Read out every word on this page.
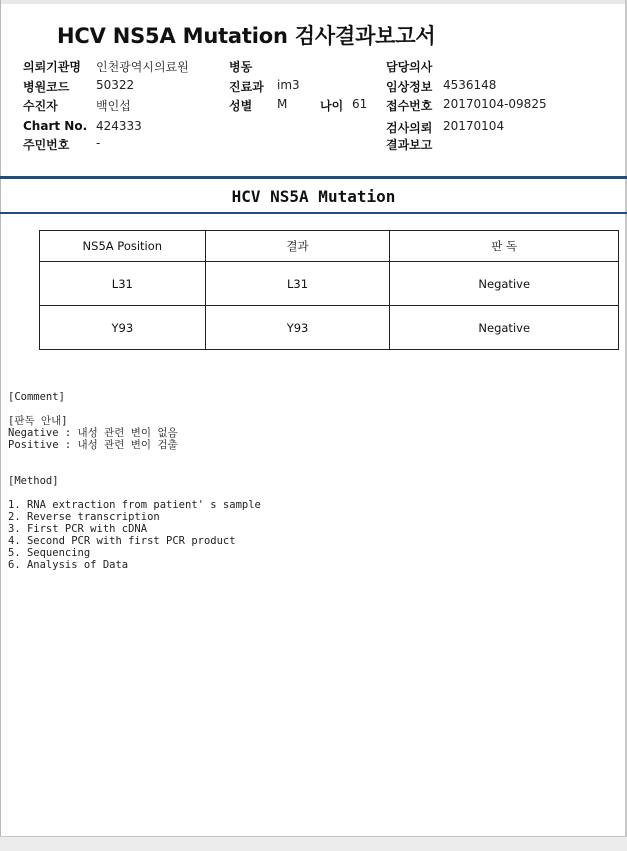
HCV NS5A Mutation 검사결과보고서
의뢰기관명 인천광역시의료원	병동	담당의사
병원코드 50322	진료과 im3	임상정보 4536148
수진자	백인섭	성별 M	나이 61 접수번호 20170104-09825
Chart No. 424333	검사의뢰 20170104
주민번호 -	결과보고
HCV NS5A Mutation
NS5A Position	결과	판 독
L31	L31	Negative
Y93	Y93	Negative
[Comment]
[판독 안내]
Negative : 내성 관련 변이 없음
Positive : 내성 관련 변이 검출
[Method]
1. RNA extraction from patient' s sample
2. Reverse transcription
3. First PCR with cDNA
4. Second PCR with first PCR product
5. Sequencing
6. Analysis of Data
